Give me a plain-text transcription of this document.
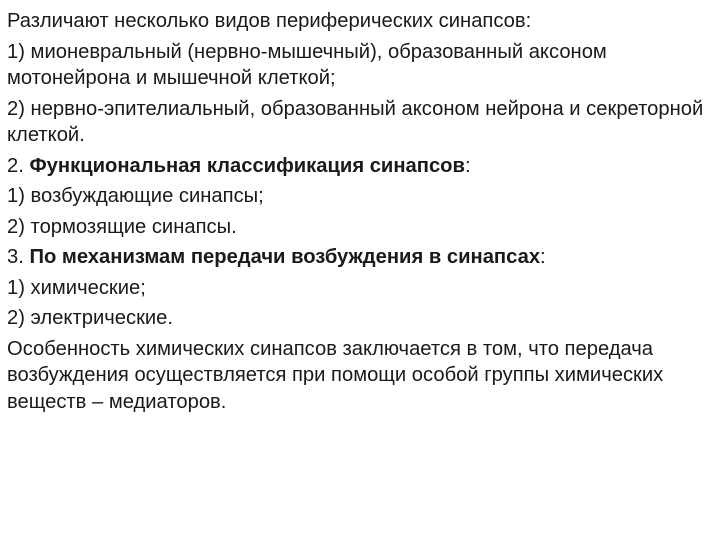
Различают несколько видов периферических синапсов:

1) мионевральный (нервно-мышечный), образованный аксоном мотонейрона и мышечной клеткой;

2) нервно-эпителиальный, образованный аксоном нейрона и секреторной клеткой.

2. Функциональная классификация синапсов:

1) возбуждающие синапсы;

2) тормозящие синапсы.

3. По механизмам передачи возбуждения в синапсах:

1) химические;

2) электрические.

Особенность химических синапсов заключается в том, что передача возбуждения осуществляется при помощи особой группы химических веществ – медиаторов.
